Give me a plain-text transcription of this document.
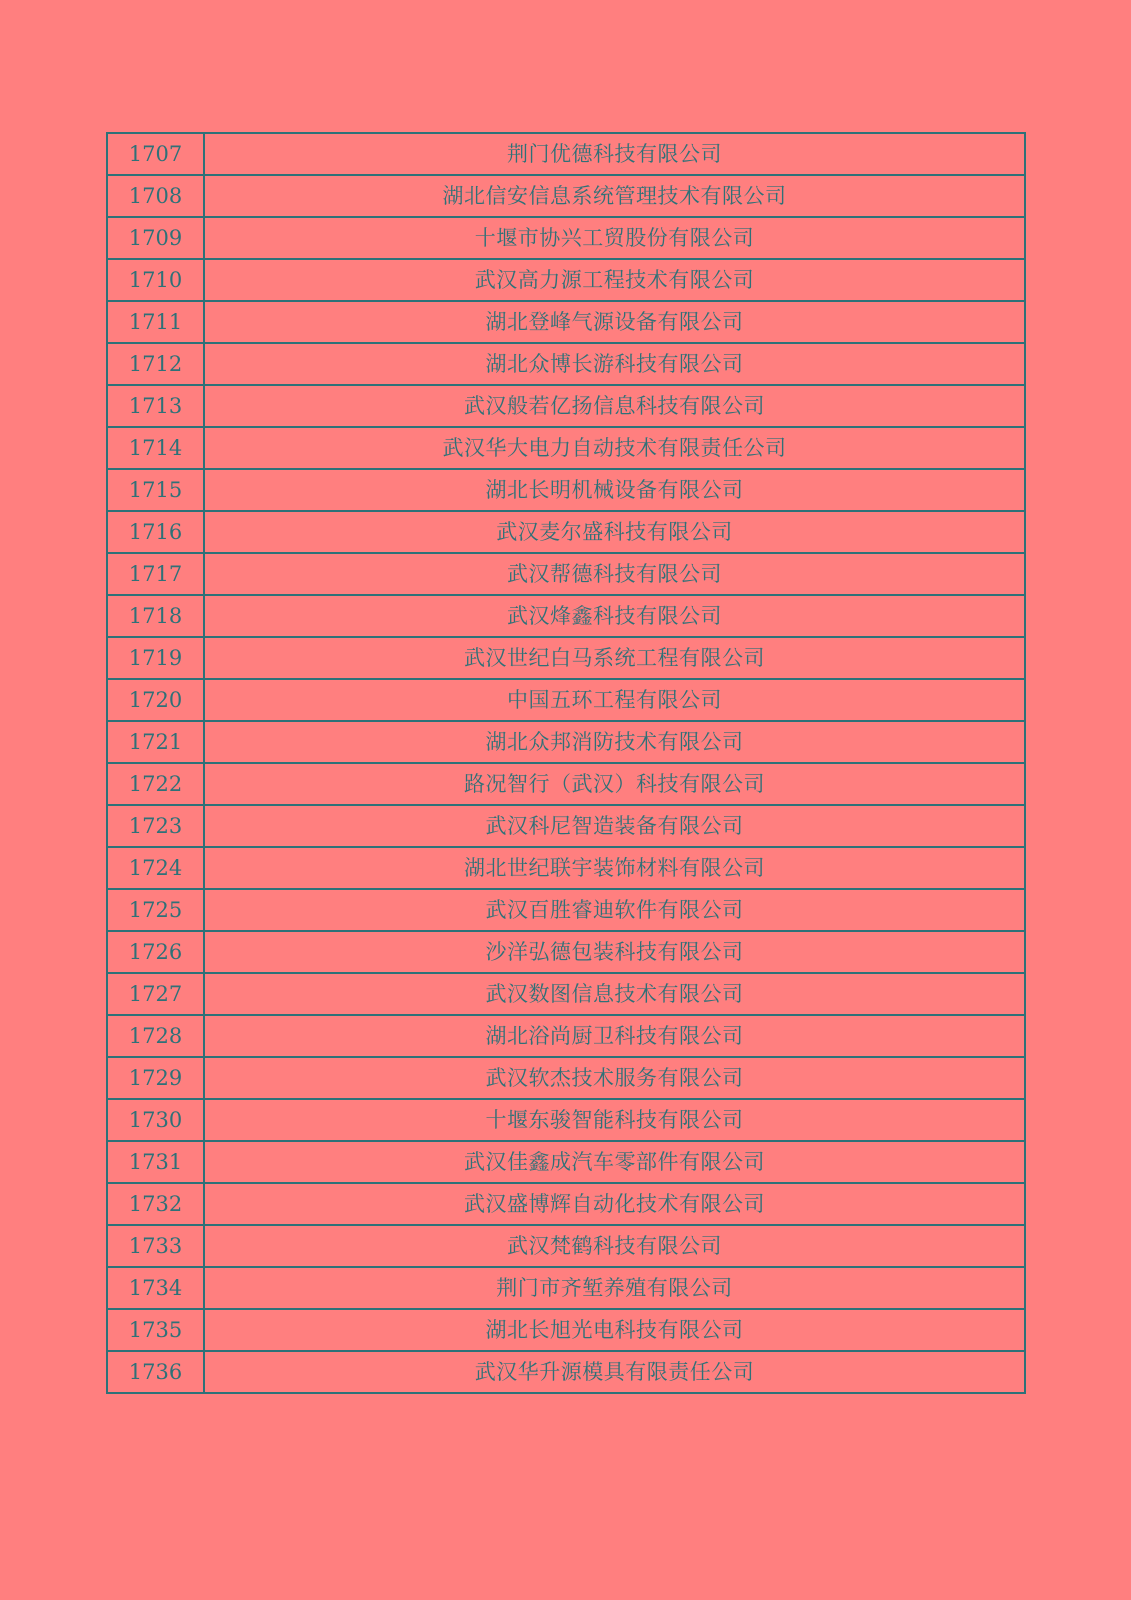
1707	荆门优德科技有限公司
1708	湖北信安信息系统管理技术有限公司
1709	十堰市协兴工贸股份有限公司
1710	武汉高力源工程技术有限公司
1711	湖北登峰气源设备有限公司
1712	湖北众博长游科技有限公司
1713	武汉般若亿扬信息科技有限公司
1714	武汉华大电力自动技术有限责任公司
1715	湖北长明机械设备有限公司
1716	武汉麦尔盛科技有限公司
1717	武汉帮德科技有限公司
1718	武汉烽鑫科技有限公司
1719	武汉世纪白马系统工程有限公司
1720	中国五环工程有限公司
1721	湖北众邦消防技术有限公司
1722	路况智行（武汉）科技有限公司
1723	武汉科尼智造装备有限公司
1724	湖北世纪联宇装饰材料有限公司
1725	武汉百胜睿迪软件有限公司
1726	沙洋弘德包装科技有限公司
1727	武汉数图信息技术有限公司
1728	湖北浴尚厨卫科技有限公司
1729	武汉软杰技术服务有限公司
1730	十堰东骏智能科技有限公司
1731	武汉佳鑫成汽车零部件有限公司
1732	武汉盛博辉自动化技术有限公司
1733	武汉梵鹤科技有限公司
1734	荆门市齐堑养殖有限公司
1735	湖北长旭光电科技有限公司
1736	武汉华升源模具有限责任公司
